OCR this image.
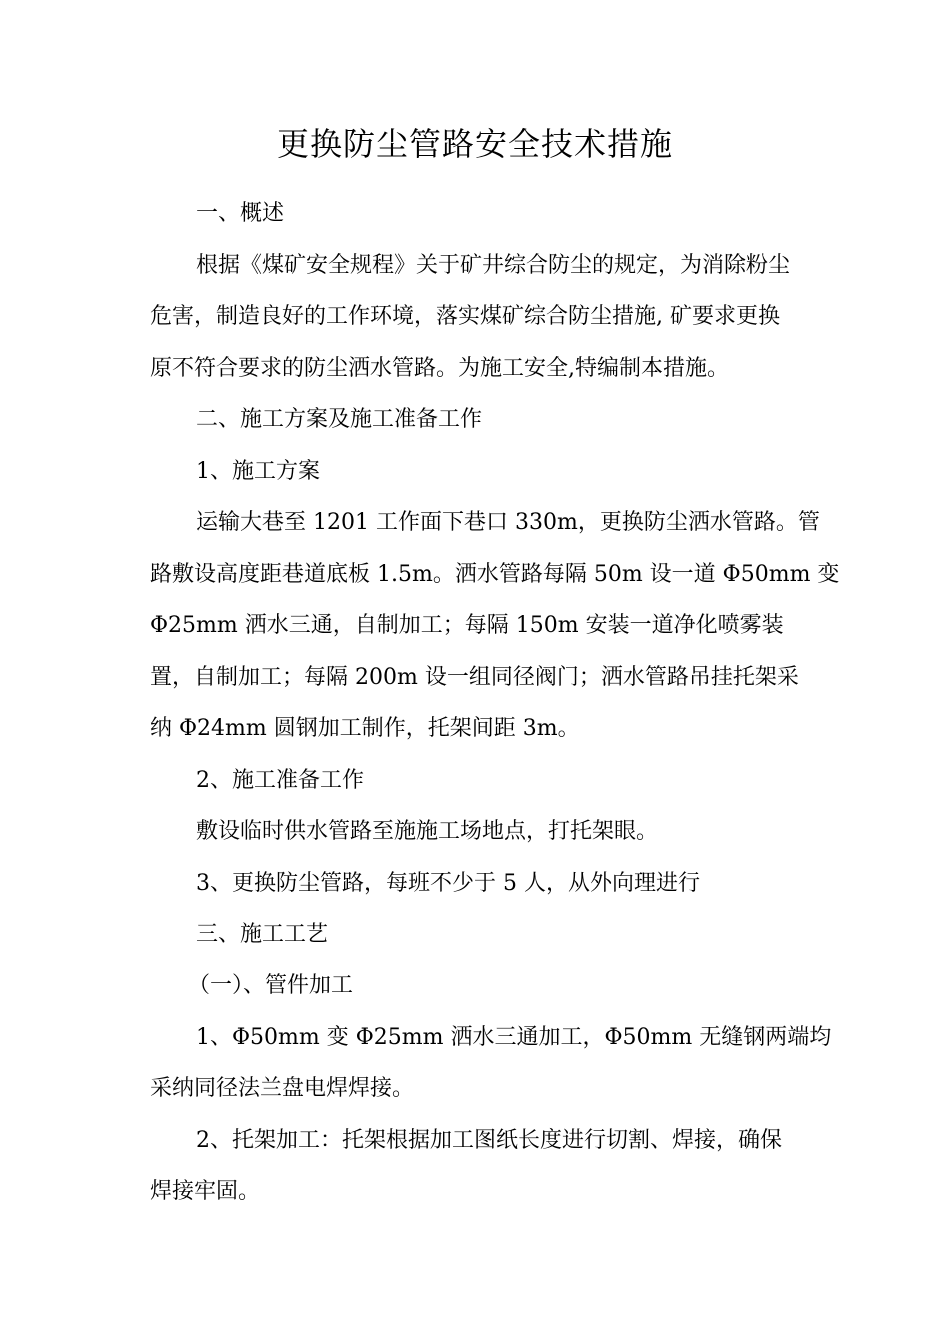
更换防尘管路安全技术措施
一、概述
根据《煤矿安全规程》关于矿井综合防尘的规定，为消除粉尘
危害，制造良好的工作环境，落实煤矿综合防尘措施, 矿要求更换
原不符合要求的防尘洒水管路。为施工安全,特编制本措施。
二、施工方案及施工准备工作
1、施工方案
运输大巷至 1201 工作面下巷口 330m，更换防尘洒水管路。管
路敷设高度距巷道底板 1.5m。洒水管路每隔 50m 设一道 Φ50mm 变
Φ25mm 洒水三通，自制加工；每隔 150m 安装一道净化喷雾装
置，自制加工；每隔 200m 设一组同径阀门；洒水管路吊挂托架采
纳 Φ24mm 圆钢加工制作，托架间距 3m。
2、施工准备工作
敷设临时供水管路至施施工场地点，打托架眼。
3、更换防尘管路，每班不少于 5 人，从外向理进行
三、施工工艺
（一）、管件加工
1、Φ50mm 变 Φ25mm 洒水三通加工，Φ50mm 无缝钢两端均
采纳同径法兰盘电焊焊接。
2、托架加工：托架根据加工图纸长度进行切割、焊接，确保
焊接牢固。
